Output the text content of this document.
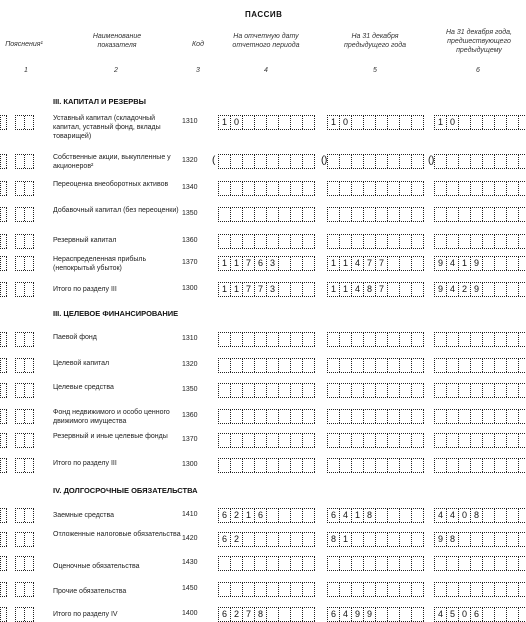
ПАССИВ
Пояснения¹
Наименование показателя	Код
На отчетную дату отчетного периода
На 31 декабря предыдущего года
На 31 декабря года, предшествующего предыдущему
1	2	3	4	5	6
III. КАПИТАЛ И РЕЗЕРВЫ
Уставный капитал (складочный капитал, уставный фонд, вклады товарищей)
1310	1 0	1 0	1 0
Собственные акции, выкупленные у акционеров²
1320	(	(	(
)	)
Переоценка внеоборотных активов	1340
Добавочный капитал (без переоценки) 1350
Резервный капитал	1360
Нераспределенная прибыль (непокрытый убыток)
1370	1 1 7 6 3	1 1 4 7 7	9 4 1 9
Итого по разделу III	1300	1 1 7 7 3	1 1 4 8 7	9 4 2 9
III. ЦЕЛЕВОЕ ФИНАНСИРОВАНИЕ
Паевой фонд	1310
Целевой капитал	1320
Целевые средства	1350
Фонд недвижимого и особо ценного движимого имущества
1360
Резервный и иные целевые фонды	1370
Итого по разделу III	1300
IV. ДОЛГОСРОЧНЫЕ ОБЯЗАТЕЛЬСТВА
Заемные средства	1410	6 2 1 6	6 4 1 8	4 4 0 8
Отложенные налоговые обязательства
1420	6 2	8 1	9 8
Оценочные обязательства
1430
Прочие обязательства	1450
Итого по разделу IV	1400	6 2 7 8	6 4 9 9	4 5 0 6
